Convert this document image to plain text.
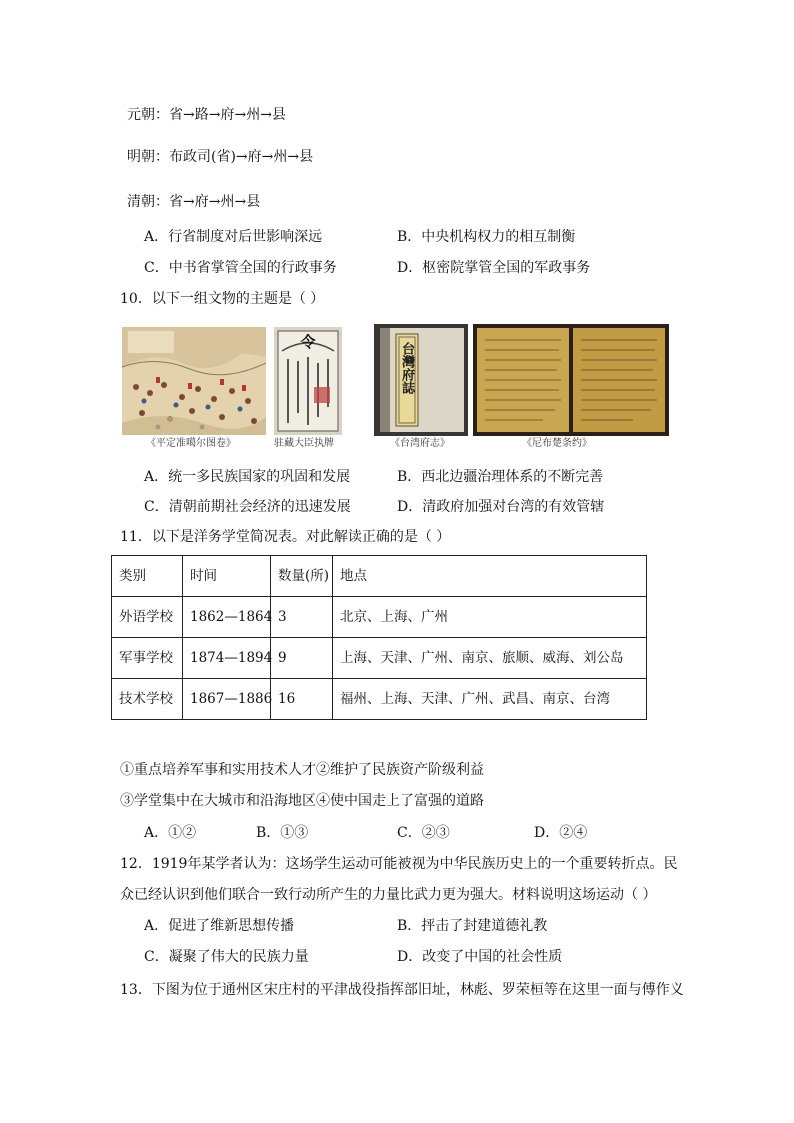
元朝：省→路→府→州→县
明朝：布政司(省)→府→州→县
清朝：省→府→州→县
A．行省制度对后世影响深远	B．中央机构权力的相互制衡
C．中书省掌管全国的行政事务	D．枢密院掌管全国的军政事务
10．以下一组文物的主题是（ ）
令	台灣府誌
《平定准噶尔图卷》	驻藏大臣执牌	《台湾府志》	《尼布楚条约》
A．统一多民族国家的巩固和发展	B．西北边疆治理体系的不断完善
C．清朝前期社会经济的迅速发展	D．清政府加强对台湾的有效管辖
11．以下是洋务学堂简况表。对此解读正确的是（ ）
类别	时间	数量(所)	地点
外语学校	1862—1864	3	北京、上海、广州
军事学校	1874—1894	9	上海、天津、广州、南京、旅顺、威海、刘公岛
技术学校	1867—1886	16	福州、上海、天津、广州、武昌、南京、台湾
①重点培养军事和实用技术人才②维护了民族资产阶级利益
③学堂集中在大城市和沿海地区④使中国走上了富强的道路
A．①②	B．①③	C．②③	D．②④
12．1919年某学者认为：这场学生运动可能被视为中华民族历史上的一个重要转折点。民
众已经认识到他们联合一致行动所产生的力量比武力更为强大。材料说明这场运动（ ）
A．促进了维新思想传播	B．抨击了封建道德礼教
C．凝聚了伟大的民族力量	D．改变了中国的社会性质
13．下图为位于通州区宋庄村的平津战役指挥部旧址，林彪、罗荣桓等在这里一面与傅作义
